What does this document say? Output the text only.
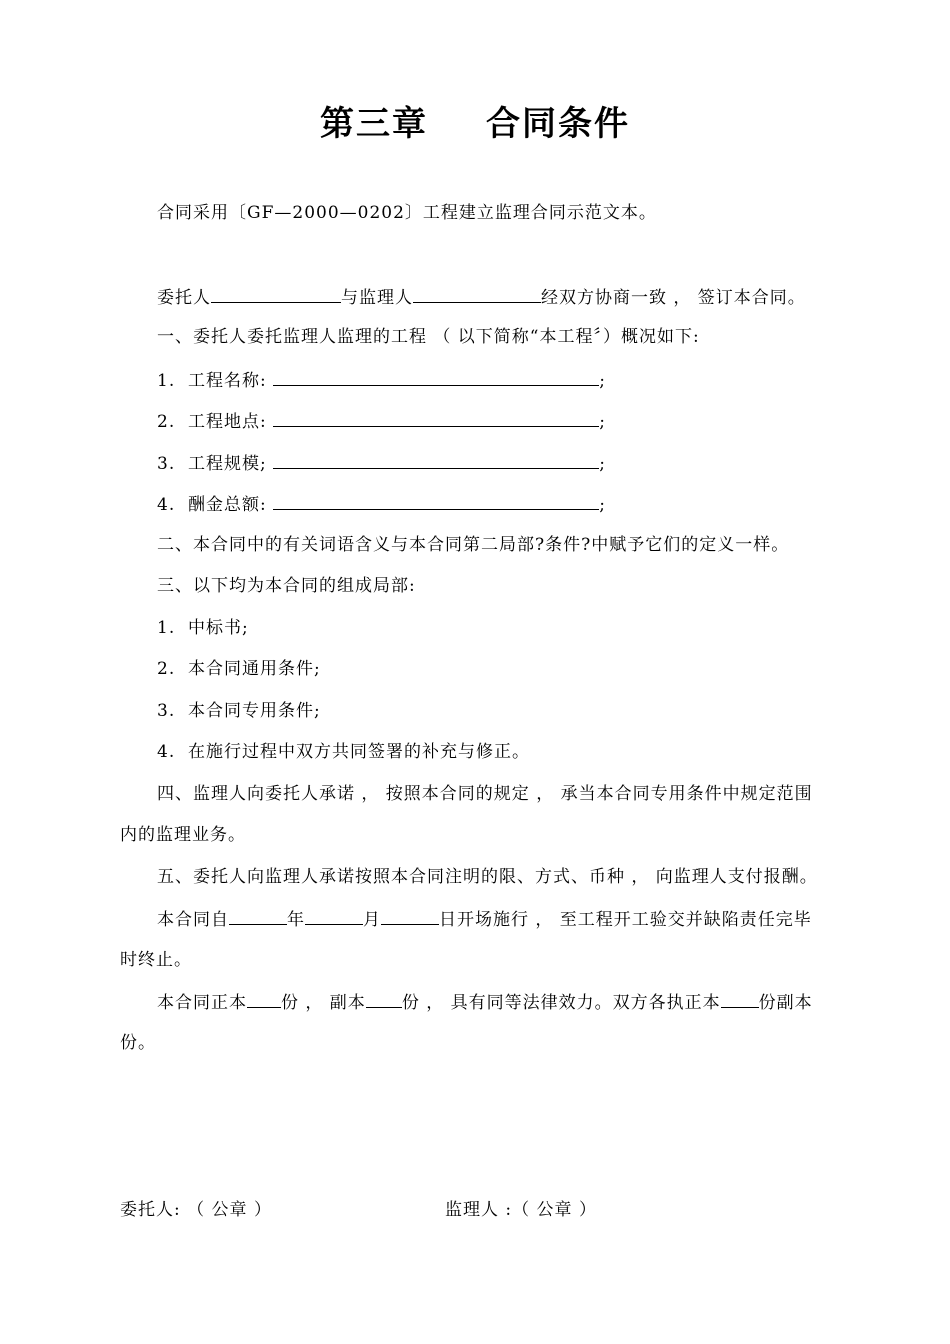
第三章 合同条件
合同采用〔GF—2000—0202〕工程建立监理合同示范文本。
委托人	与监理人	经双方协商一致 ， 签订本合同。
一、委托人委托监理人监理的工程 （ 以下简称“本工程〞）概况如下:
1. 工程名称:	;
2. 工程地点:	;
3. 工程规模;	;
4. 酬金总额:	;
二、本合同中的有关词语含义与本合同第二局部?条件?中赋予它们的定义一样。
三、以下均为本合同的组成局部:
1. 中标书;
2. 本合同通用条件;
3. 本合同专用条件;
4. 在施行过程中双方共同签署的补充与修正。
四、监理人向委托人承诺 ， 按照本合同的规定 ， 承当本合同专用条件中规定范围
内的监理业务。
五、委托人向监理人承诺按照本合同注明的限、方式、币种 ， 向监理人支付报酬。
本合同自	年	月	日开场施行 ， 至工程开工验交并缺陷责任完毕
时终止。
本合同正本 份 ， 副本 份 ， 具有同等法律效力。双方各执正本 份副本
份。
委托人: （ 公章 ）	监理人 :（ 公章 ）
